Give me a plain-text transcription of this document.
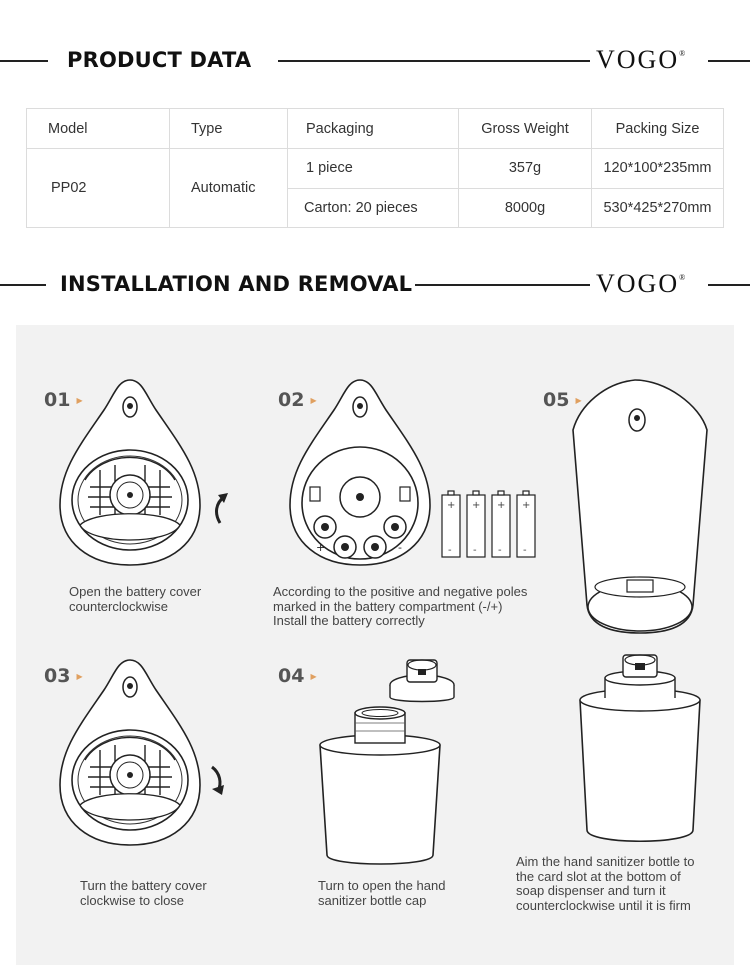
PRODUCT DATA	VOGO®
Model	Type	Packaging	Gross Weight	Packing Size
PP02	Automatic	1 piece	357g	120*100*235mm
		Carton: 20 pieces	8000g	530*425*270mm
INSTALLATION AND REMOVAL	VOGO®
01 ▶	02 ▶	05 ▶
03 ▶	04 ▶
+	-
+ + + +
- - - -
Open the battery cover
counterclockwise
According to the positive and negative poles
marked in the battery compartment (-/+)
Install the battery correctly
Turn the battery cover
clockwise to close
Turn to open the hand
sanitizer bottle cap
Aim the hand sanitizer bottle to
the card slot at the bottom of
soap dispenser and turn it
counterclockwise until it is firm
